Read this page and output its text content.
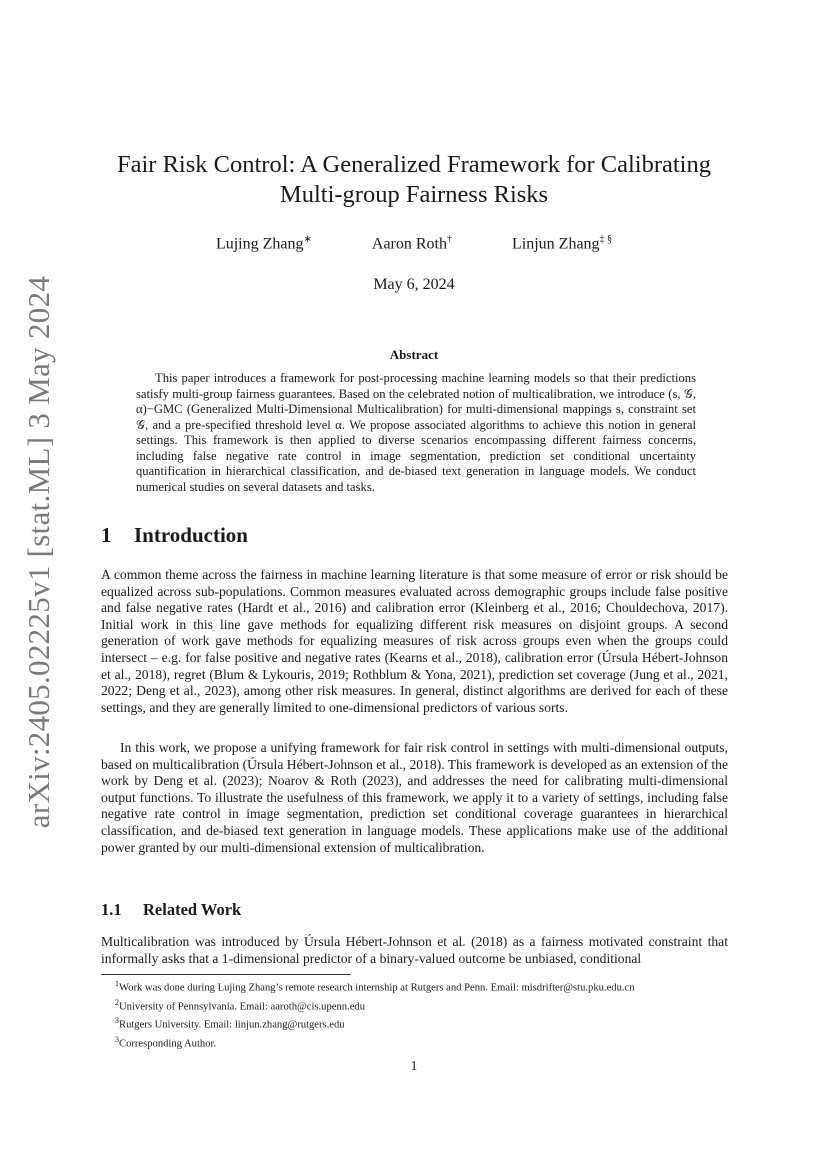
arXiv:2405.02225v1 [stat.ML] 3 May 2024
Fair Risk Control: A Generalized Framework for Calibrating
Multi-group Fairness Risks
Lujing Zhang∗	Aaron Roth†	Linjun Zhang‡ §
May 6, 2024
Abstract
This paper introduces a framework for post-processing machine learning models so that their predictions satisfy multi-group fairness guarantees. Based on the celebrated notion of multicalibration, we introduce (s, 𝒢, α)−GMC (Generalized Multi-Dimensional Multicalibration) for multi-dimensional mappings s, constraint set 𝒢, and a pre-specified threshold level α. We propose associated algorithms to achieve this notion in general settings. This framework is then applied to diverse scenarios encompassing different fairness concerns, including false negative rate control in image segmentation, prediction set conditional uncertainty quantification in hierarchical classification, and de-biased text generation in language models. We conduct numerical studies on several datasets and tasks.
1 Introduction
A common theme across the fairness in machine learning literature is that some measure of error or risk should be equalized across sub-populations. Common measures evaluated across demographic groups include false positive and false negative rates (Hardt et al., 2016) and calibration error (Kleinberg et al., 2016; Chouldechova, 2017). Initial work in this line gave methods for equalizing different risk measures on disjoint groups. A second generation of work gave methods for equalizing measures of risk across groups even when the groups could intersect – e.g. for false positive and negative rates (Kearns et al., 2018), calibration error (Úrsula Hébert-Johnson et al., 2018), regret (Blum & Lykouris, 2019; Rothblum & Yona, 2021), prediction set coverage (Jung et al., 2021, 2022; Deng et al., 2023), among other risk measures. In general, distinct algorithms are derived for each of these settings, and they are generally limited to one-dimensional predictors of various sorts.
In this work, we propose a unifying framework for fair risk control in settings with multi-dimensional outputs, based on multicalibration (Úrsula Hébert-Johnson et al., 2018). This framework is developed as an extension of the work by Deng et al. (2023); Noarov & Roth (2023), and addresses the need for calibrating multi-dimensional output functions. To illustrate the usefulness of this framework, we apply it to a variety of settings, including false negative rate control in image segmentation, prediction set conditional coverage guarantees in hierarchical classification, and de-biased text generation in language models. These applications make use of the additional power granted by our multi-dimensional extension of multicalibration.
1.1 Related Work
Multicalibration was introduced by Úrsula Hébert-Johnson et al. (2018) as a fairness motivated constraint that informally asks that a 1-dimensional predictor of a binary-valued outcome be unbiased, conditional
$^1$Work was done during Lujing Zhang’s remote research internship at Rutgers and Penn. Email: misdrifter@stu.pku.edu.cn
$^2$University of Pennsylvania. Email: aaroth@cis.upenn.edu
$^3$Rutgers University. Email: linjun.zhang@rutgers.edu
$^3$Corresponding Author.
1
